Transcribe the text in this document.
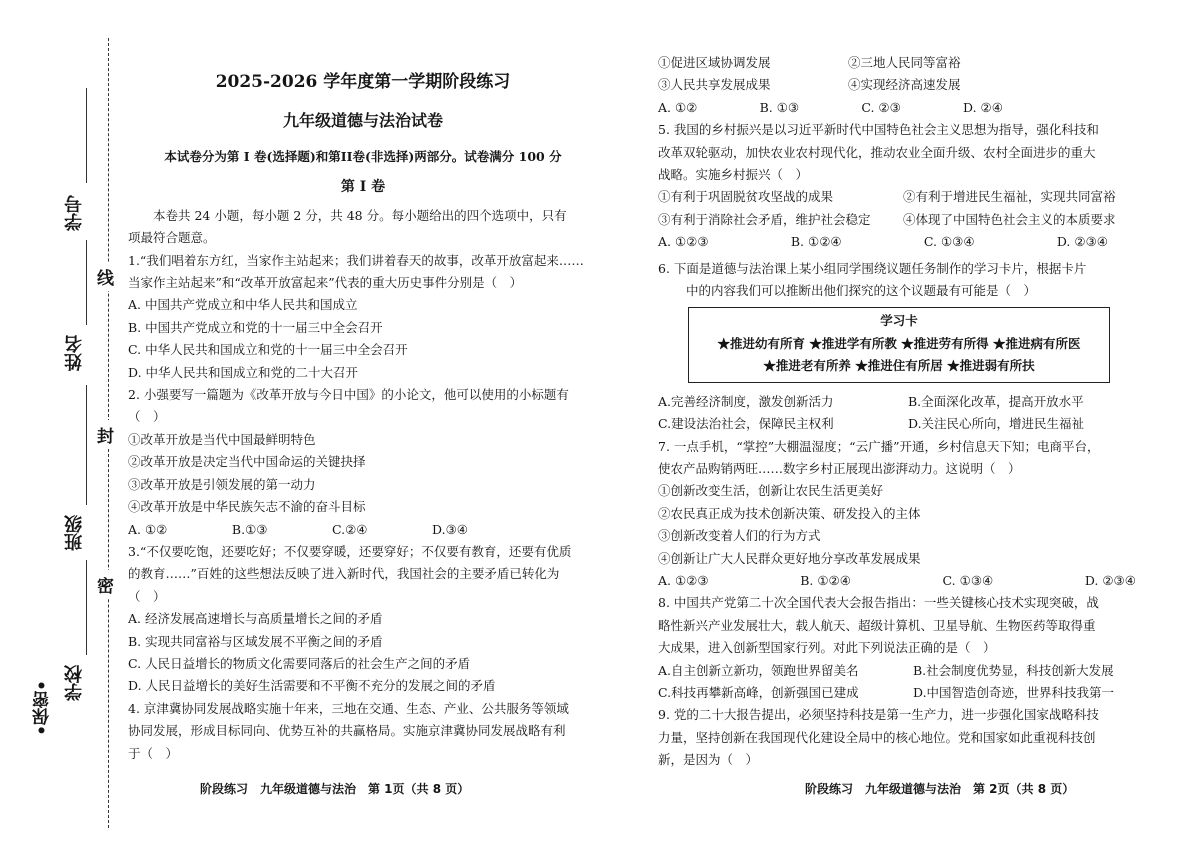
学号
姓名
班级
学校
线
封
密
•保密•
2025-2026 学年度第一学期阶段练习
九年级道德与法治试卷
本试卷分为第 I 卷(选择题)和第II卷(非选择)两部分。试卷满分 100 分
第 I 卷

本卷共 24 小题，每小题 2 分，共 48 分。每小题给出的四个选项中，只有

项最符合题意。

1.“我们唱着东方红，当家作主站起来；我们讲着春天的故事，改革开放富起来……

当家作主站起来”和“改革开放富起来”代表的重大历史事件分别是（　）

A. 中国共产党成立和中华人民共和国成立

B. 中国共产党成立和党的十一届三中全会召开

C. 中华人民共和国成立和党的十一届三中全会召开

D. 中华人民共和国成立和党的二十大召开

2. 小强要写一篇题为《改革开放与今日中国》的小论文，他可以使用的小标题有

（　）

①改革开放是当代中国最鲜明特色

②改革开放是决定当代中国命运的关键抉择

③改革开放是引领发展的第一动力

④改革开放是中华民族矢志不渝的奋斗目标

A. ①②	B.①③	C.②④	D.③④

3.“不仅要吃饱，还要吃好；不仅要穿暖，还要穿好；不仅要有教育，还要有优质

的教育……”百姓的这些想法反映了进入新时代，我国社会的主要矛盾已转化为

（　）

A. 经济发展高速增长与高质量增长之间的矛盾

B. 实现共同富裕与区域发展不平衡之间的矛盾

C. 人民日益增长的物质文化需要同落后的社会生产之间的矛盾

D. 人民日益增长的美好生活需要和不平衡不充分的发展之间的矛盾

4. 京津冀协同发展战略实施十年来，三地在交通、生态、产业、公共服务等领域

协同发展，形成目标同向、优势互补的共赢格局。实施京津冀协同发展战略有利

于（　）

阶段练习　九年级道德与法治　第 1页（共 8 页）
①促进区域协调发展	②三地人民同等富裕
③人民共享发展成果	④实现经济高速发展
A. ①②	B. ①③	C. ②③	D. ②④

5. 我国的乡村振兴是以习近平新时代中国特色社会主义思想为指导，强化科技和

改革双轮驱动，加快农业农村现代化，推动农业全面升级、农村全面进步的重大

战略。实施乡村振兴（　）

①有利于巩固脱贫攻坚战的成果	②有利于增进民生福祉，实现共同富裕
③有利于消除社会矛盾，维护社会稳定	④体现了中国特色社会主义的本质要求
A. ①②③	B. ①②④	C. ①③④	D. ②③④

6. 下面是道德与法治课上某小组同学围绕议题任务制作的学习卡片，根据卡片

中的内容我们可以推断出他们探究的这个议题最有可能是（　）

学习卡
★推进幼有所育 ★推进学有所教 ★推进劳有所得 ★推进病有所医
★推进老有所养 ★推进住有所居 ★推进弱有所扶
A.完善经济制度，激发创新活力	B.全面深化改革，提高开放水平
C.建设法治社会，保障民主权利	D.关注民心所向，增进民生福祉

7. 一点手机，“掌控”大棚温湿度；“云广播”开通，乡村信息天下知；电商平台，

使农产品购销两旺……数字乡村正展现出澎湃动力。这说明（　）

①创新改变生活，创新让农民生活更美好

②农民真正成为技术创新决策、研发投入的主体

③创新改变着人们的行为方式

④创新让广大人民群众更好地分享改革发展成果

A. ①②③	B. ①②④	C. ①③④	D. ②③④

8. 中国共产党第二十次全国代表大会报告指出：一些关键核心技术实现突破，战

略性新兴产业发展壮大，载人航天、超级计算机、卫星导航、生物医药等取得重

大成果，进入创新型国家行列。对此下列说法正确的是（　）

A.自主创新立新功，领跑世界留美名	B.社会制度优势显，科技创新大发展
C.科技再攀新高峰，创新强国已建成	D.中国智造创奇迹，世界科技我第一

9. 党的二十大报告提出，必须坚持科技是第一生产力，进一步强化国家战略科技

力量，坚持创新在我国现代化建设全局中的核心地位。党和国家如此重视科技创

新，是因为（　）

阶段练习　九年级道德与法治　第 2页（共 8 页）
